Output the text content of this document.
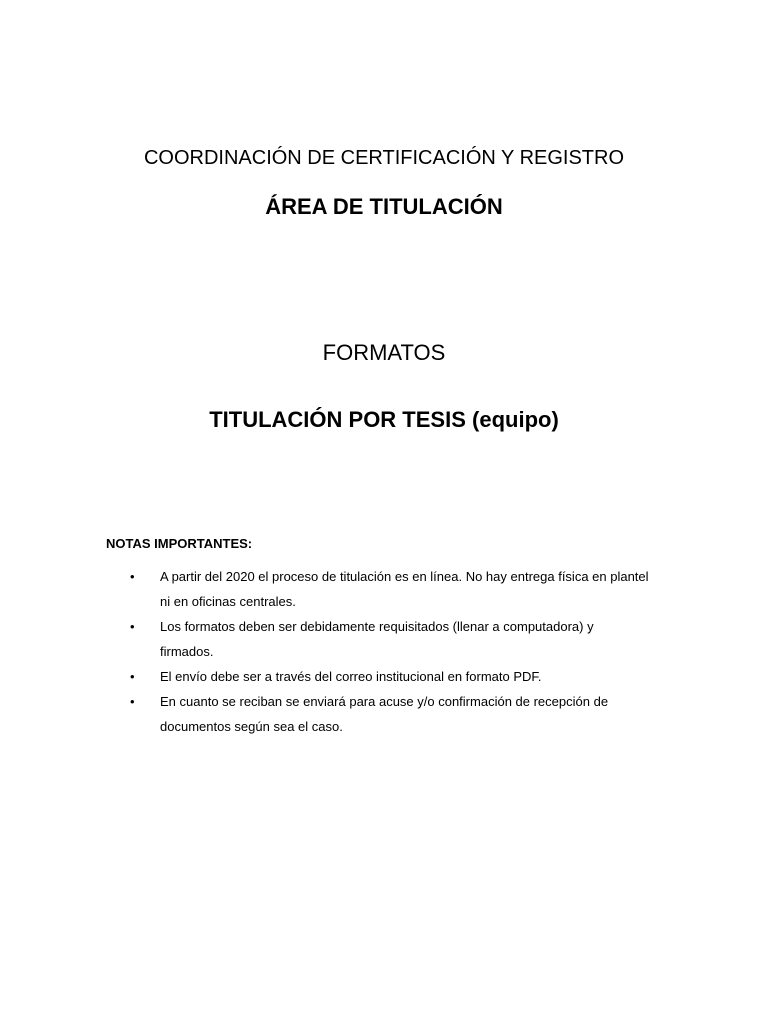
COORDINACIÓN DE CERTIFICACIÓN Y REGISTRO
ÁREA DE TITULACIÓN
FORMATOS
TITULACIÓN POR TESIS (equipo)
NOTAS IMPORTANTES:
• A partir del 2020 el proceso de titulación es en línea. No hay entrega física en plantel ni en oficinas centrales.
• Los formatos deben ser debidamente requisitados (llenar a computadora) y firmados.
• El envío debe ser a través del correo institucional en formato PDF.
• En cuanto se reciban se enviará para acuse y/o confirmación de recepción de documentos según sea el caso.
